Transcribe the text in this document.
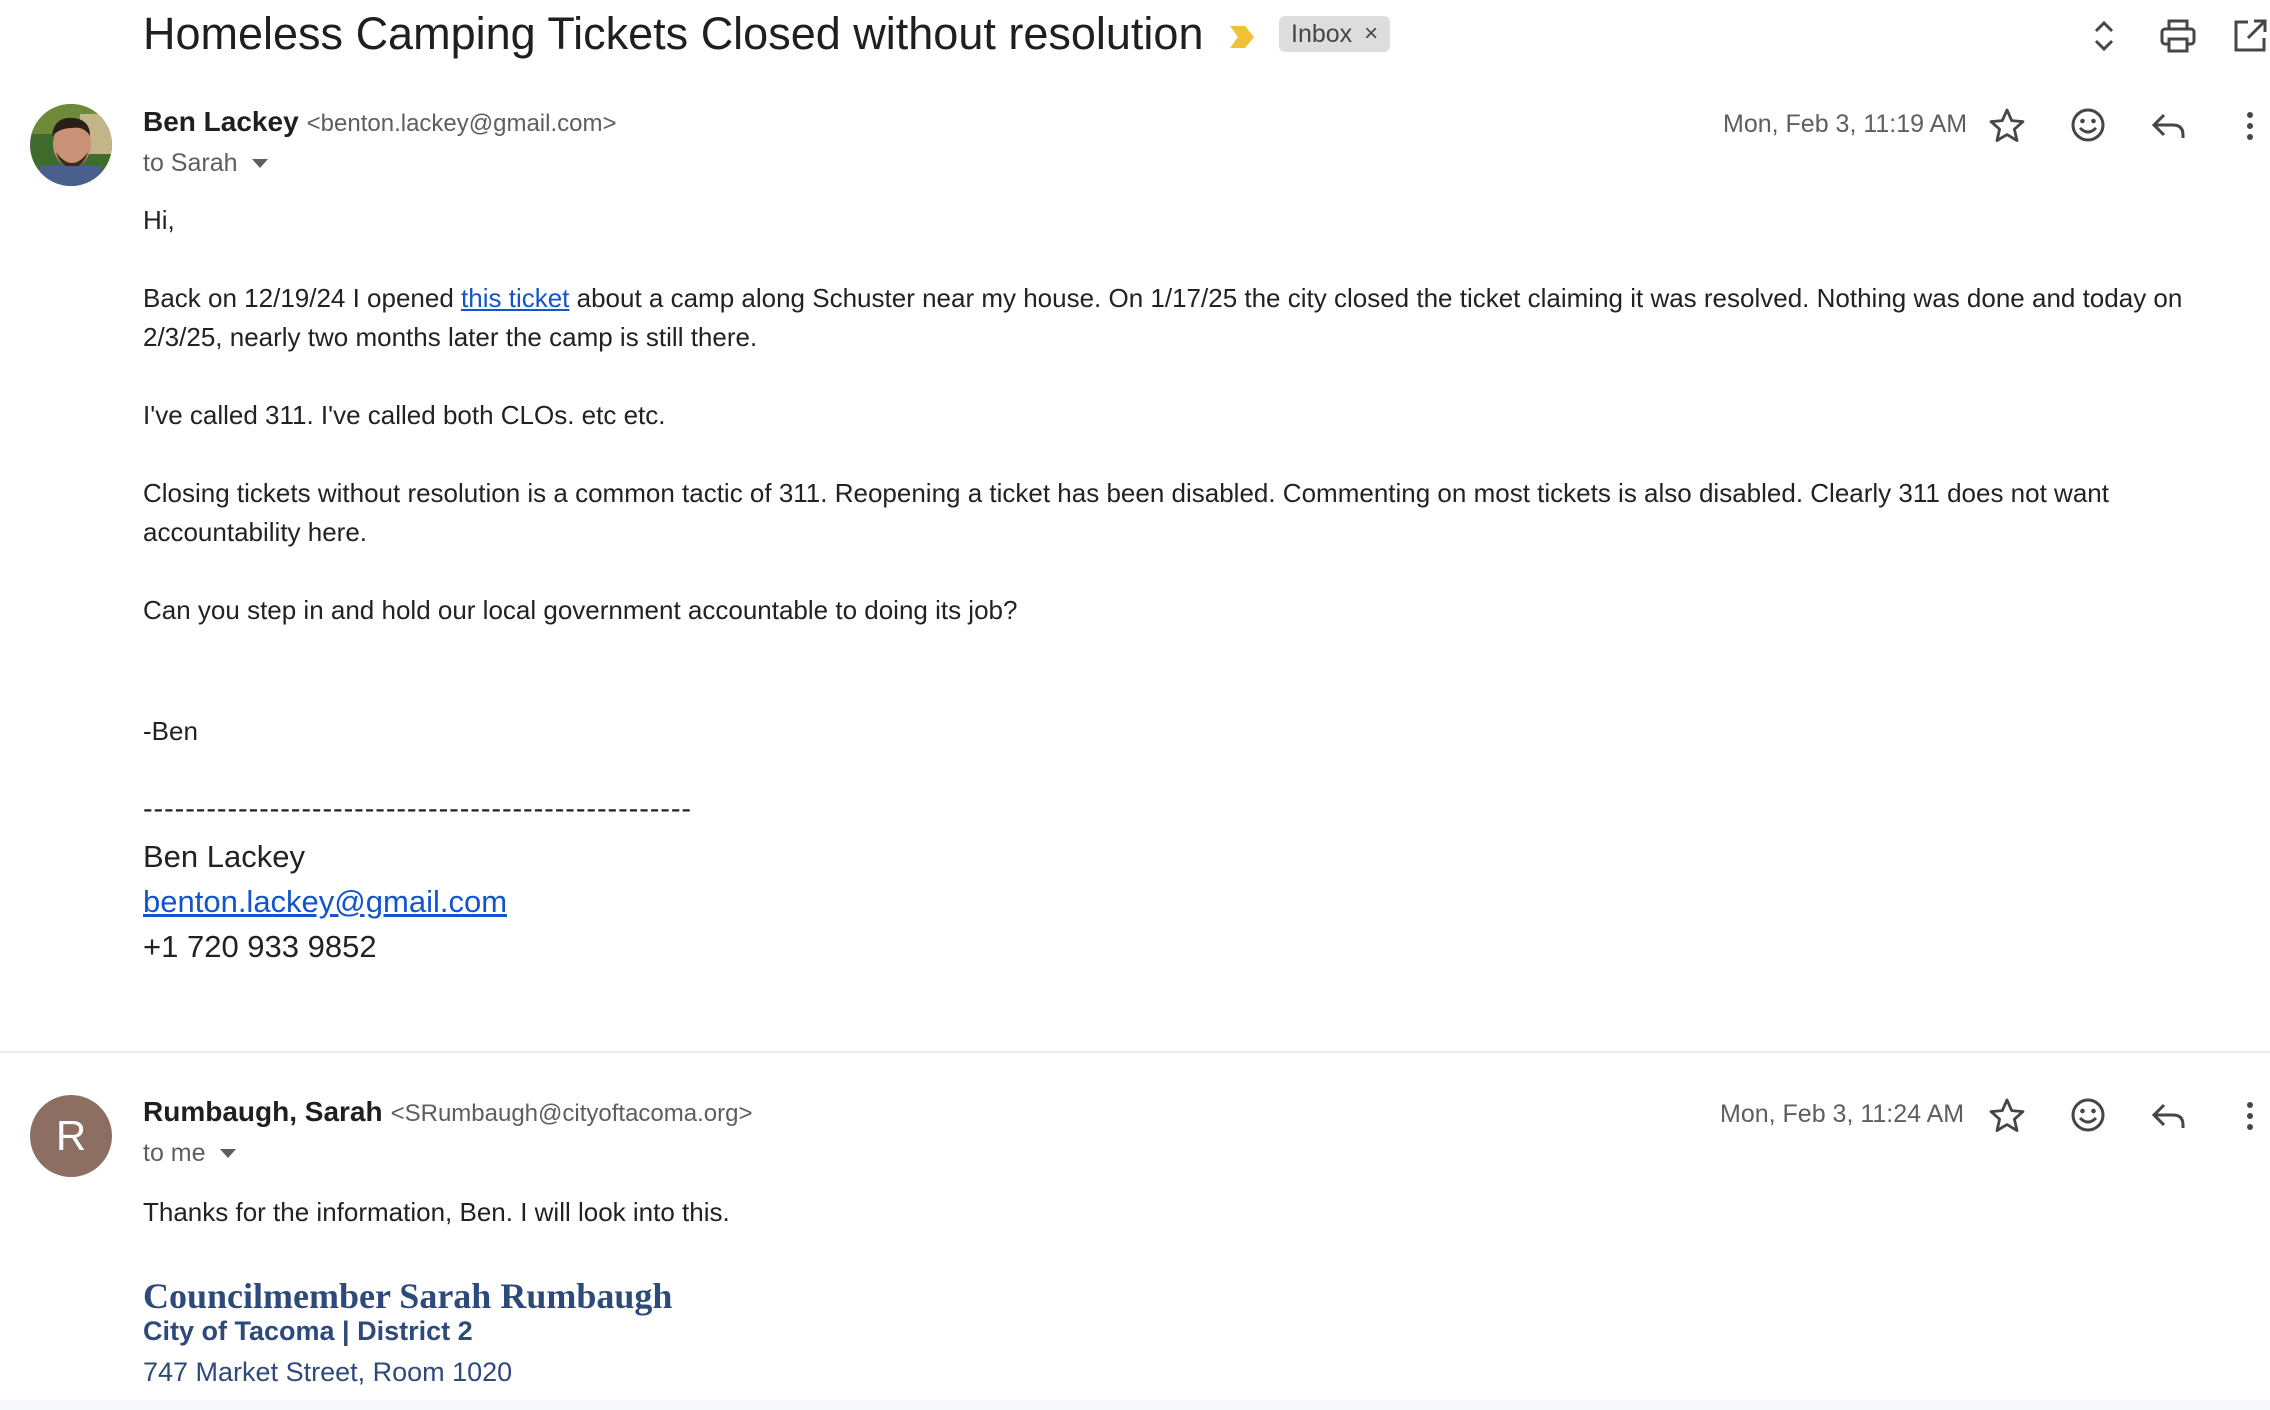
Homeless Camping Tickets Closed without resolution	Inbox ×
Ben Lackey <benton.lackey@gmail.com>
to Sarah
Mon, Feb 3, 11:19 AM

Hi,

Back on 12/19/24 I opened this ticket about a camp along Schuster near my house. On 1/17/25 the city closed the ticket claiming it was resolved. Nothing was done and today on 2/3/25, nearly two months later the camp is still there.

I've called 311. I've called both CLOs. etc etc.

Closing tickets without resolution is a common tactic of 311. Reopening a ticket has been disabled. Commenting on most tickets is also disabled. Clearly 311 does not want accountability here.

Can you step in and hold our local government accountable to doing its job?

-Ben
----------------------------------------------------
Ben Lackey
benton.lackey@gmail.com
+1 720 933 9852
R
Rumbaugh, Sarah <SRumbaugh@cityoftacoma.org>
to me
Mon, Feb 3, 11:24 AM

Thanks for the information, Ben. I will look into this.

Councilmember Sarah Rumbaugh
City of Tacoma | District 2
747 Market Street, Room 1020
